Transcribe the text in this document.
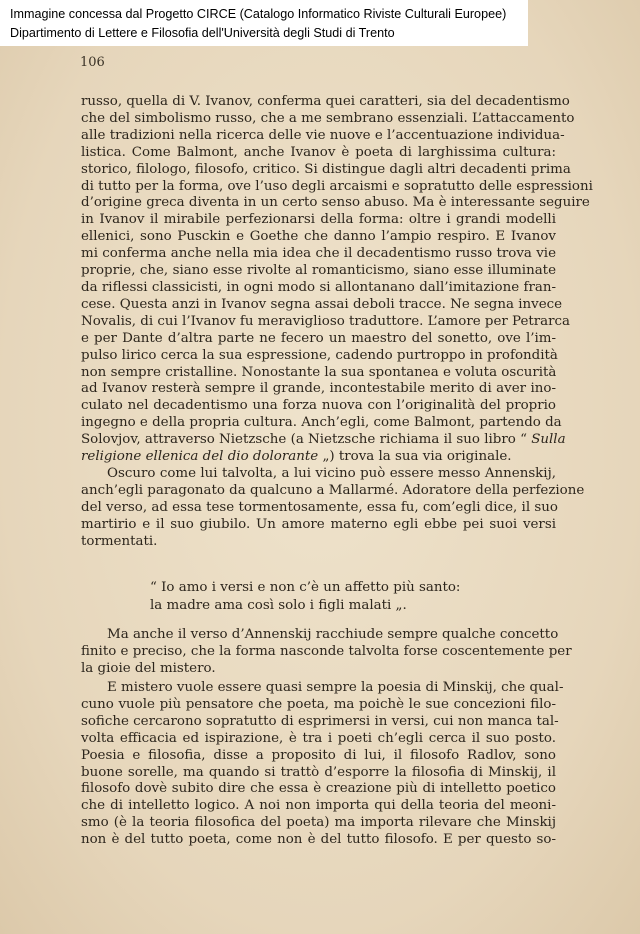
Immagine concessa dal Progetto CIRCE (Catalogo Informatico Riviste Culturali Europee)
Dipartimento di Lettere e Filosofia dell'Università degli Studi di Trento
106
russo, quella di V. Ivanov, conferma quei caratteri, sia del decadentismo
che del simbolismo russo, che a me sembrano essenziali. L’attaccamento
alle tradizioni nella ricerca delle vie nuove e l’accentuazione individua-
listica. Come Balmont, anche Ivanov è poeta di larghissima cultura:
storico, filologo, filosofo, critico. Si distingue dagli altri decadenti prima
di tutto per la forma, ove l’uso degli arcaismi e sopratutto delle espressioni
d’origine greca diventa in un certo senso abuso. Ma è interessante seguire
in Ivanov il mirabile perfezionarsi della forma: oltre i grandi modelli
ellenici, sono Pusckin e Goethe che danno l’ampio respiro. E Ivanov
mi conferma anche nella mia idea che il decadentismo russo trova vie
proprie, che, siano esse rivolte al romanticismo, siano esse illuminate
da riflessi classicisti, in ogni modo si allontanano dall’imitazione fran-
cese. Questa anzi in Ivanov segna assai deboli tracce. Ne segna invece
Novalis, di cui l’Ivanov fu meraviglioso traduttore. L’amore per Petrarca
e per Dante d’altra parte ne fecero un maestro del sonetto, ove l’im-
pulso lirico cerca la sua espressione, cadendo purtroppo in profondità
non sempre cristalline. Nonostante la sua spontanea e voluta oscurità
ad Ivanov resterà sempre il grande, incontestabile merito di aver ino-
culato nel decadentismo una forza nuova con l’originalità del proprio
ingegno e della propria cultura. Anch’egli, come Balmont, partendo da
Solovjov, attraverso Nietzsche (a Nietzsche richiama il suo libro “ Sulla
religione ellenica del dio dolorante „) trova la sua via originale.
Oscuro come lui talvolta, a lui vicino può essere messo Annenskij,
anch’egli paragonato da qualcuno a Mallarmé. Adoratore della perfezione
del verso, ad essa tese tormentosamente, essa fu, com’egli dice, il suo
martirio e il suo giubilo. Un amore materno egli ebbe pei suoi versi
tormentati.
“ Io amo i versi e non c’è un affetto più santo:
la madre ama così solo i figli malati „.
Ma anche il verso d’Annenskij racchiude sempre qualche concetto
finito e preciso, che la forma nasconde talvolta forse coscentemente per
la gioie del mistero.
E mistero vuole essere quasi sempre la poesia di Minskij, che qual-
cuno vuole più pensatore che poeta, ma poichè le sue concezioni filo-
sofiche cercarono sopratutto di esprimersi in versi, cui non manca tal-
volta efficacia ed ispirazione, è tra i poeti ch’egli cerca il suo posto.
Poesia e filosofia, disse a proposito di lui, il filosofo Radlov, sono
buone sorelle, ma quando si trattò d’esporre la filosofia di Minskij, il
filosofo dovè subito dire che essa è creazione più di intelletto poetico
che di intelletto logico. A noi non importa qui della teoria del meoni-
smo (è la teoria filosofica del poeta) ma importa rilevare che Minskij
non è del tutto poeta, come non è del tutto filosofo. E per questo so-
